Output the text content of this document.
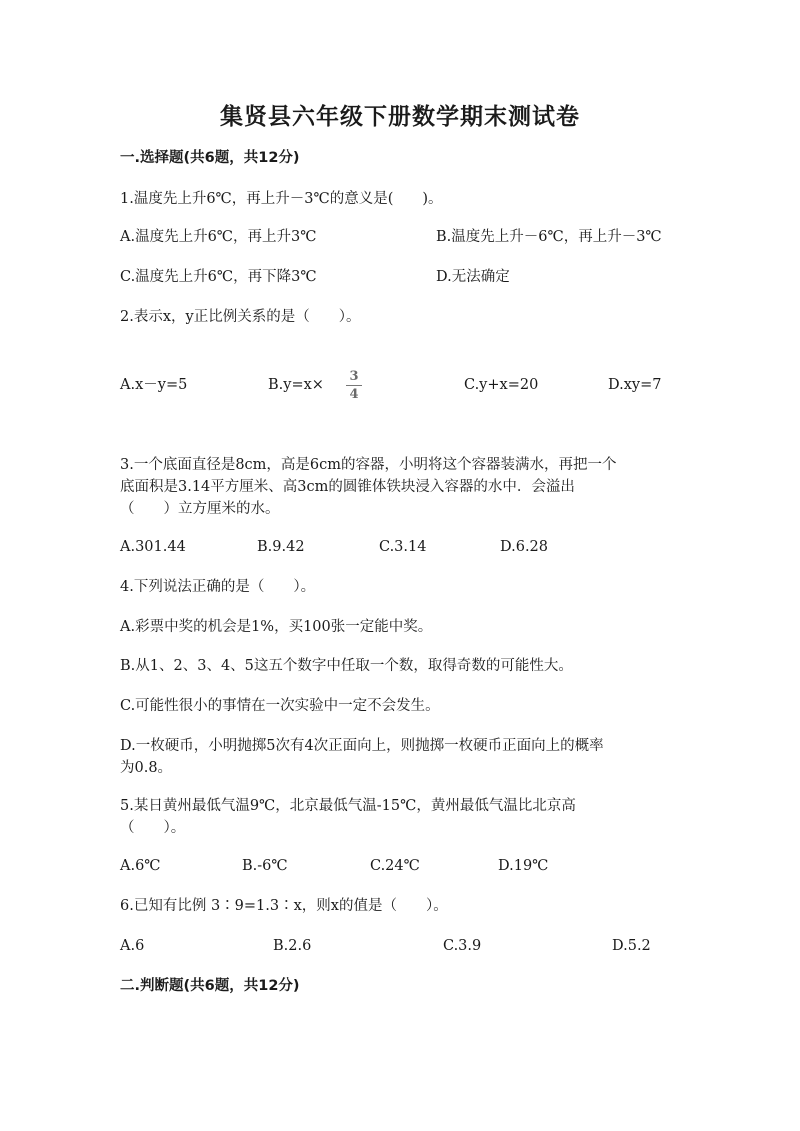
集贤县六年级下册数学期末测试卷
一.选择题(共6题，共12分)
1.温度先上升6℃，再上升－3℃的意义是(　　)。
A.温度先上升6℃，再上升3℃	B.温度先上升－6℃，再上升－3℃
C.温度先上升6℃，再下降3℃	D.无法确定
2.表示x，y正比例关系的是（　　）。
A.x－y=5	B.y=x×
3
4
C.y+x=20	D.xy=7
3.一个底面直径是8cm，高是6cm的容器，小明将这个容器装满水，再把一个
底面积是3.14平方厘米、高3cm的圆锥体铁块浸入容器的水中．会溢出
（　　）立方厘米的水。
A.301.44	B.9.42	C.3.14	D.6.28
4.下列说法正确的是（　　）。
A.彩票中奖的机会是1%，买100张一定能中奖。
B.从1、2、3、4、5这五个数字中任取一个数，取得奇数的可能性大。
C.可能性很小的事情在一次实验中一定不会发生。
D.一枚硬币，小明抛掷5次有4次正面向上，则抛掷一枚硬币正面向上的概率
为0.8。
5.某日黄州最低气温9℃，北京最低气温-15℃，黄州最低气温比北京高
（　　）。
A.6℃	B.-6℃	C.24℃	D.19℃
6.已知有比例 3∶9=1.3∶x，则x的值是（　　）。
A.6	B.2.6	C.3.9	D.5.2
二.判断题(共6题，共12分)
